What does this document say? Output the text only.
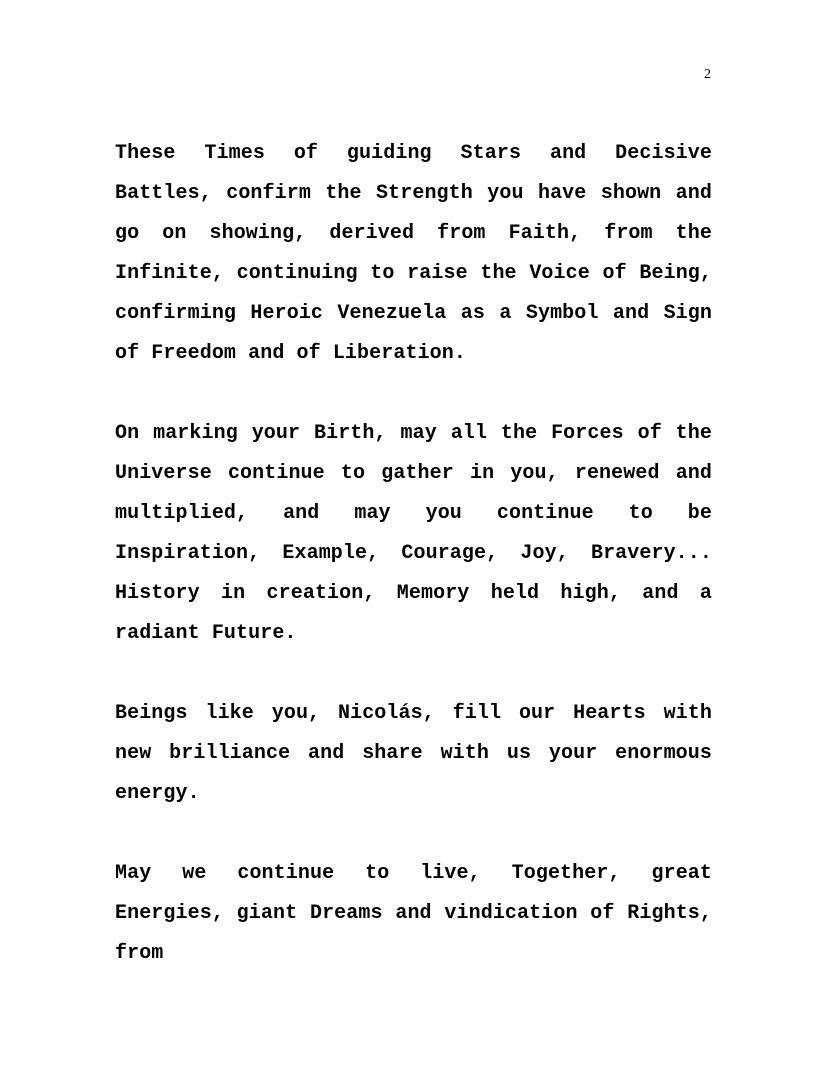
2

These Times of guiding Stars and Decisive Battles, confirm the Strength you have shown and go on showing, derived from Faith, from the Infinite, continuing to raise the Voice of Being, confirming Heroic Venezuela as a Symbol and Sign of Freedom and of Liberation.

On marking your Birth, may all the Forces of the Universe continue to gather in you, renewed and multiplied, and may you continue to be Inspiration, Example, Courage, Joy, Bravery... History in creation, Memory held high, and a radiant Future.

Beings like you, Nicolás, fill our Hearts with new brilliance and share with us your enormous energy.

May we continue to live, Together, great Energies, giant Dreams and vindication of Rights, from
